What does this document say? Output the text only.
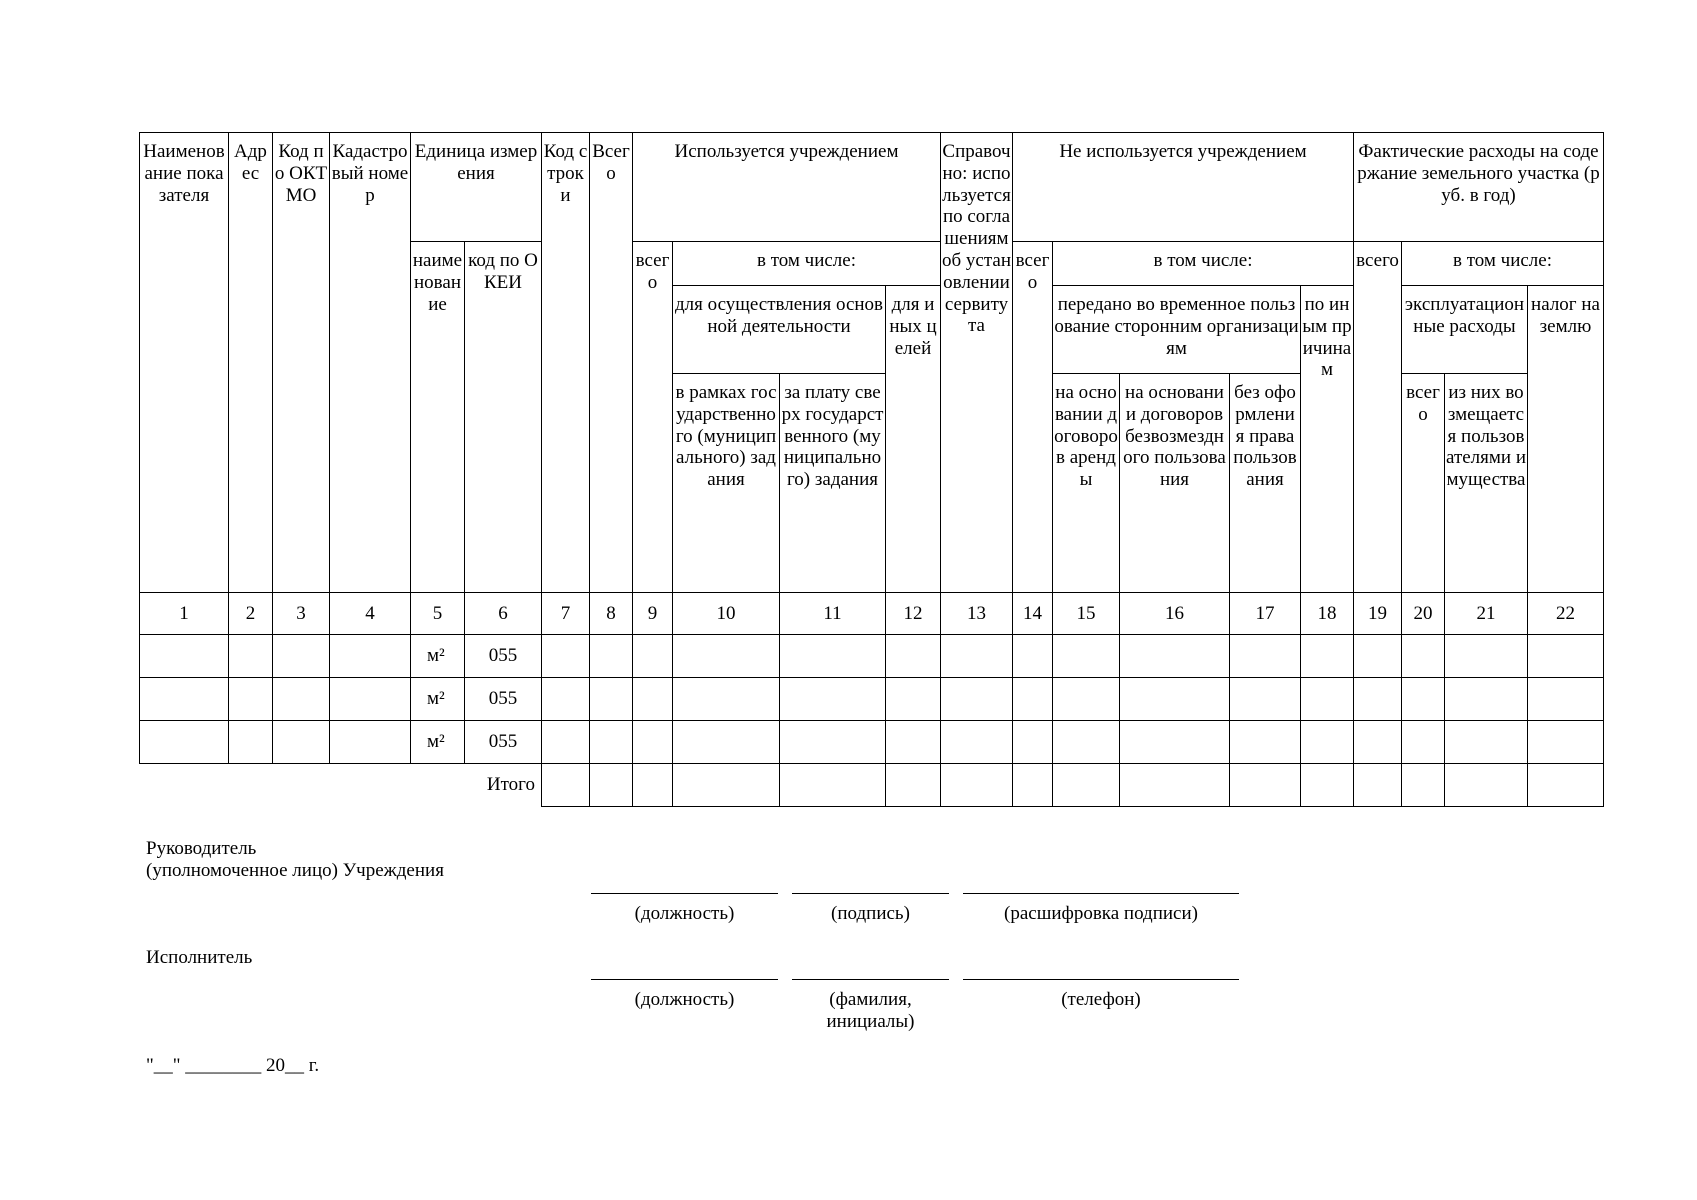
Наименование показателя	Адрес	Код по ОКТМО	Кадастровый номер	Единица измерения		Код строки	Всего	Используется учреждением				Справочно: используется по соглашениям об установлении сервитута	Не используется учреждением					Фактические расходы на содержание земельного участка (руб. в год)			
				наименование	код по ОКЕИ			всего	в том числе:				всего	в том числе:				всего	в том числе:		
									для осуществления основной деятельности		для иных целей			передано во временное пользование сторонним организациям			по иным причинам		эксплуатационные расходы		налог на землю
									в рамках государственного (муниципального) задания	за плату сверх государственного (муниципального) задания				на основании договоров аренды	на основании договоров безвозмездного пользования	без оформления права пользования			всего	из них возмещается пользователями имущества	
1	2	3	4	5	6	7	8	9	10	11	12	13	14	15	16	17	18	19	20	21	22
				м²	055																
				м²	055																
				м²	055																
Итого																					
Руководитель
(уполномоченное лицо) Учреждения
(должность)	(подпись)	(расшифровка подписи)
Исполнитель
(должность)	(фамилия, инициалы)
(телефон)
"__" ________ 20__ г.
